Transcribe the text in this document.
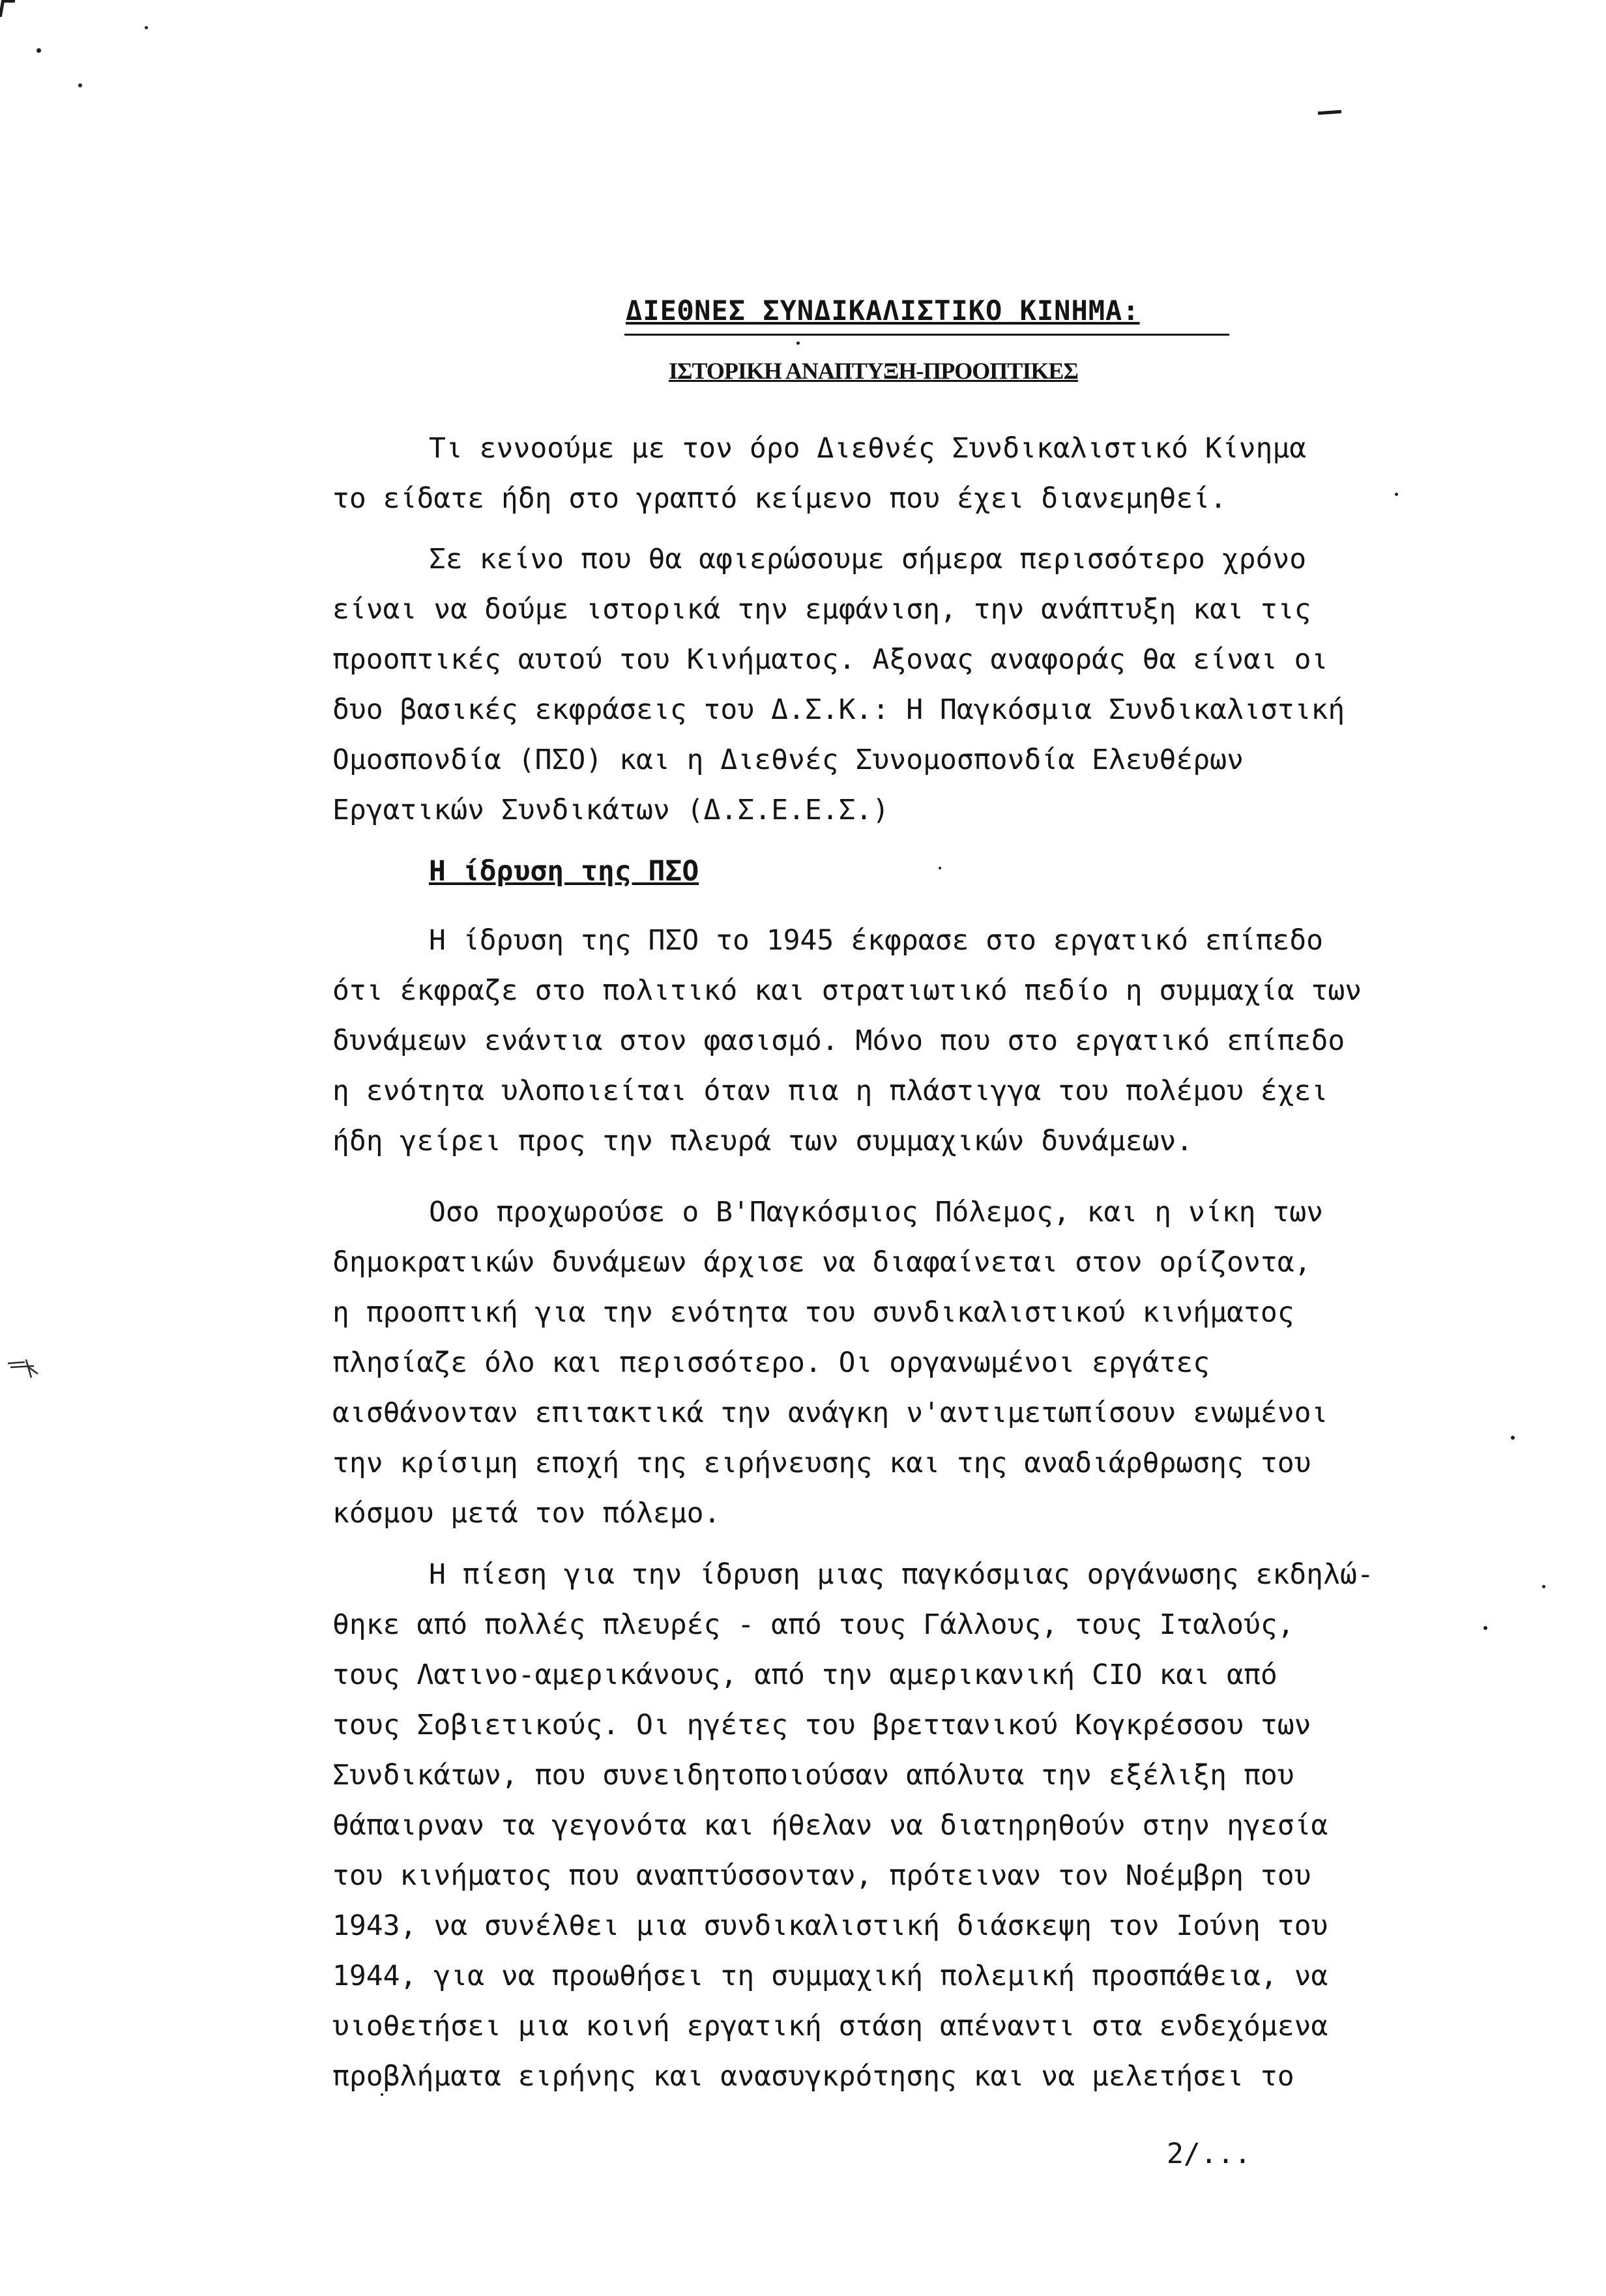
ΔΙΕΘΝΕΣ ΣΥΝΔΙΚΑΛΙΣΤΙΚΟ ΚΙΝΗΜΑ:
ΙΣΤΟΡΙΚΗ ΑΝΑΠΤΥΞΗ-ΠΡΟΟΠΤΙΚΕΣ
Τι εννοούμε με τον όρο Διεθνές Συνδικαλιστικό Κίνημα
το είδατε ήδη στο γραπτό κείμενο που έχει διανεμηθεί.
Σε κείνο που θα αφιερώσουμε σήμερα περισσότερο χρόνο
είναι να δούμε ιστορικά την εμφάνιση, την ανάπτυξη και τις
προοπτικές αυτού του Κινήματος. Αξονας αναφοράς θα είναι οι
δυο βασικές εκφράσεις του Δ.Σ.Κ.: Η Παγκόσμια Συνδικαλιστική
Ομοσπονδία (ΠΣΟ) και η Διεθνές Συνομοσπονδία Ελευθέρων
Εργατικών Συνδικάτων (Δ.Σ.Ε.Ε.Σ.)
Η ίδρυση της ΠΣΟ
Η ίδρυση της ΠΣΟ το 1945 έκφρασε στο εργατικό επίπεδο
ότι έκφραζε στο πολιτικό και στρατιωτικό πεδίο η συμμαχία των
δυνάμεων ενάντια στον φασισμό. Μόνο που στο εργατικό επίπεδο
η ενότητα υλοποιείται όταν πια η πλάστιγγα του πολέμου έχει
ήδη γείρει προς την πλευρά των συμμαχικών δυνάμεων.
Οσο προχωρούσε ο Β'Παγκόσμιος Πόλεμος, και η νίκη των
δημοκρατικών δυνάμεων άρχισε να διαφαίνεται στον ορίζοντα,
η προοπτική για την ενότητα του συνδικαλιστικού κινήματος
πλησίαζε όλο και περισσότερο. Οι οργανωμένοι εργάτες
αισθάνονταν επιτακτικά την ανάγκη ν'αντιμετωπίσουν ενωμένοι
την κρίσιμη εποχή της ειρήνευσης και της αναδιάρθρωσης του
κόσμου μετά τον πόλεμο.
Η πίεση για την ίδρυση μιας παγκόσμιας οργάνωσης εκδηλώ-
θηκε από πολλές πλευρές - από τους Γάλλους, τους Ιταλούς,
τους Λατινο-αμερικάνους, από την αμερικανική CIO και από
τους Σοβιετικούς. Οι ηγέτες του βρεττανικού Κογκρέσσου των
Συνδικάτων, που συνειδητοποιούσαν απόλυτα την εξέλιξη που
θάπαιρναν τα γεγονότα και ήθελαν να διατηρηθούν στην ηγεσία
του κινήματος που αναπτύσσονταν, πρότειναν τον Νοέμβρη του
1943, να συνέλθει μια συνδικαλιστική διάσκεψη τον Ιούνη του
1944, για να προωθήσει τη συμμαχική πολεμική προσπάθεια, να
υιοθετήσει μια κοινή εργατική στάση απέναντι στα ενδεχόμενα
προβλήματα ειρήνης και ανασυγκρότησης και να μελετήσει το
2/...
